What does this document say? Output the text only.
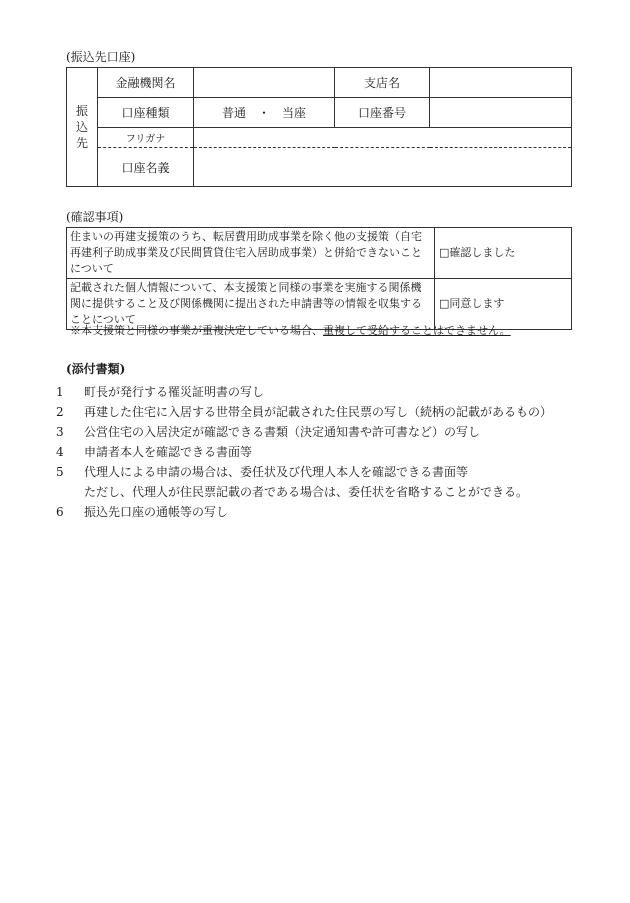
(振込先口座)
振
込
先	金融機関名		支店名	
	口座種類	普通　・　当座	口座番号	
	フリガナ			
	口座名義			
(確認事項)
住まいの再建支援策のうち、転居費用助成事業を除く他の支援策（自宅再建利子助成事業及び民間賃貸住宅入居助成事業）と併給できないことについて	□確認しました
記載された個人情報について、本支援策と同様の事業を実施する関係機関に提供すること及び関係機関に提出された申請書等の情報を収集することについて	□同意します
※本支援策と同様の事業が重複決定している場合、重複して受給することはできません。
(添付書類)
1	町長が発行する罹災証明書の写し
2	再建した住宅に入居する世帯全員が記載された住民票の写し（続柄の記載があるもの）
3	公営住宅の入居決定が確認できる書類（決定通知書や許可書など）の写し
4	申請者本人を確認できる書面等
5	代理人による申請の場合は、委任状及び代理人本人を確認できる書面等
ただし、代理人が住民票記載の者である場合は、委任状を省略することができる。
6	振込先口座の通帳等の写し
